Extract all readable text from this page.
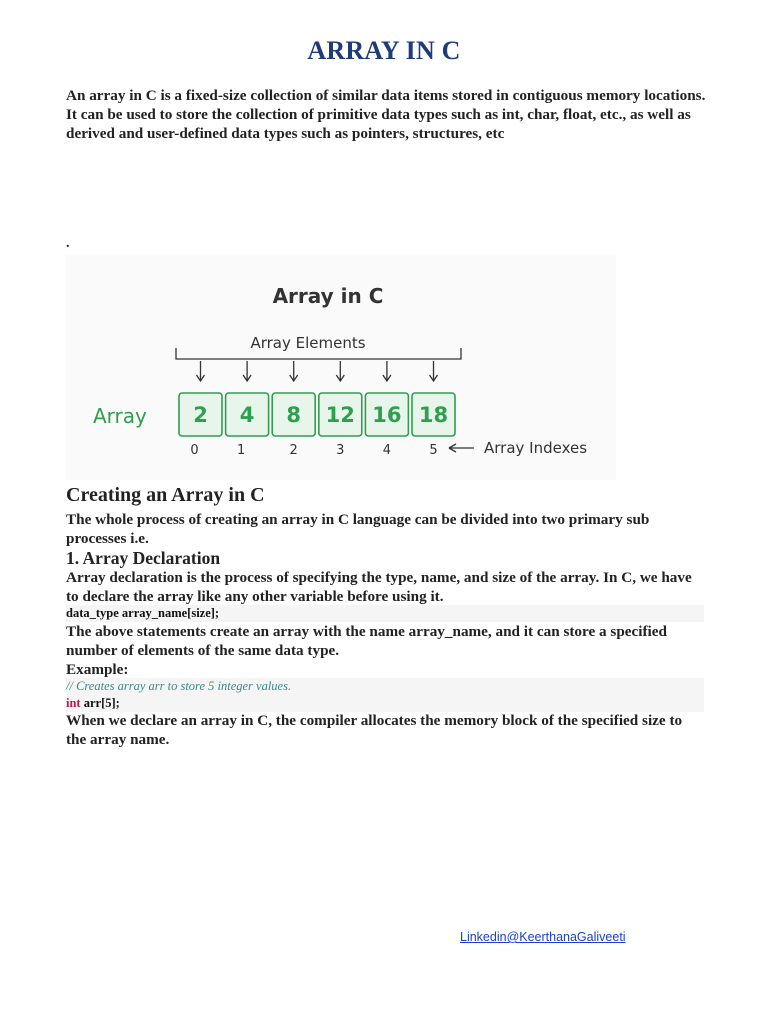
ARRAY IN C
An array in C is a fixed-size collection of similar data items stored in contiguous memory locations. It can be used to store the collection of primitive data types such as int, char, float, etc., as well as derived and user-defined data types such as pointers, structures, etc
.
Array in C
Array Elements
Array 2 4 8 12 16 18
0	1	2	3	4	5	Array Indexes
Creating an Array in C
The whole process of creating an array in C language can be divided into two primary sub processes i.e.
1. Array Declaration
Array declaration is the process of specifying the type, name, and size of the array. In C, we have to declare the array like any other variable before using it.
data_type array_name[size];
The above statements create an array with the name array_name, and it can store a specified number of elements of the same data type.
Example:
// Creates array arr to store 5 integer values.
int arr[5];
When we declare an array in C, the compiler allocates the memory block of the specified size to the array name.
Linkedin@KeerthanaGaliveeti
